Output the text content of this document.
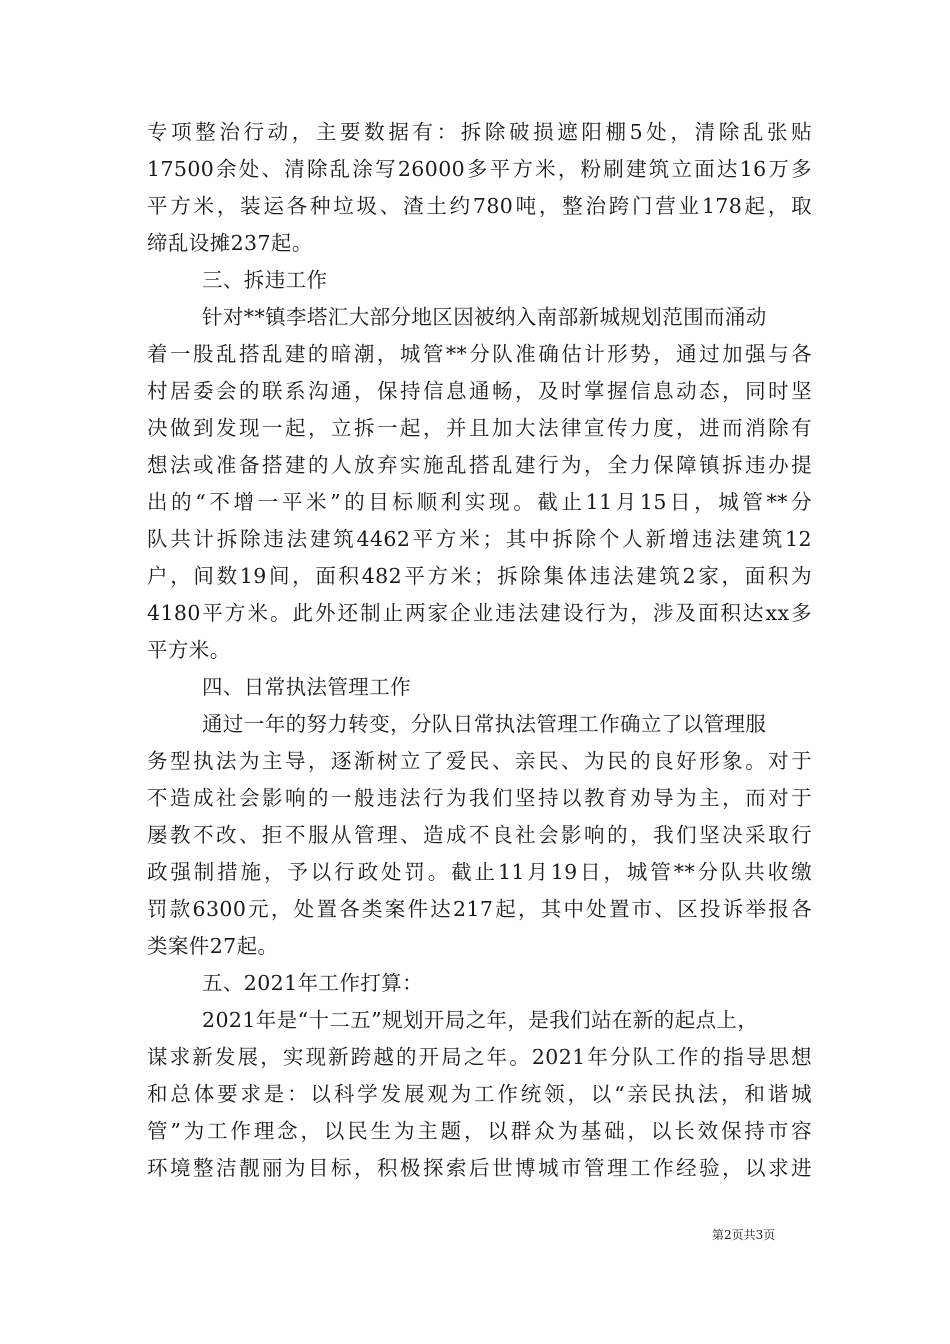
专项整治行动，主要数据有：拆除破损遮阳棚5处，清除乱张贴
17500余处、清除乱涂写26000多平方米，粉刷建筑立面达16万多
平方米，装运各种垃圾、渣土约780吨，整治跨门营业178起，取
缔乱设摊237起。
三、拆违工作
针对**镇李塔汇大部分地区因被纳入南部新城规划范围而涌动
着一股乱搭乱建的暗潮，城管**分队准确估计形势，通过加强与各
村居委会的联系沟通，保持信息通畅，及时掌握信息动态，同时坚
决做到发现一起，立拆一起，并且加大法律宣传力度，进而消除有
想法或准备搭建的人放弃实施乱搭乱建行为，全力保障镇拆违办提
出的“不增一平米”的目标顺利实现。截止11月15日，城管**分
队共计拆除违法建筑4462平方米；其中拆除个人新增违法建筑12
户，间数19间，面积482平方米；拆除集体违法建筑2家，面积为
4180平方米。此外还制止两家企业违法建设行为，涉及面积达xx多
平方米。
四、日常执法管理工作
通过一年的努力转变，分队日常执法管理工作确立了以管理服
务型执法为主导，逐渐树立了爱民、亲民、为民的良好形象。对于
不造成社会影响的一般违法行为我们坚持以教育劝导为主，而对于
屡教不改、拒不服从管理、造成不良社会影响的，我们坚决采取行
政强制措施，予以行政处罚。截止11月19日，城管**分队共收缴
罚款6300元，处置各类案件达217起，其中处置市、区投诉举报各
类案件27起。
五、2021年工作打算：
2021年是“十二五”规划开局之年，是我们站在新的起点上，
谋求新发展，实现新跨越的开局之年。2021年分队工作的指导思想
和总体要求是：以科学发展观为工作统领，以“亲民执法，和谐城
管”为工作理念，以民生为主题，以群众为基础，以长效保持市容
环境整洁靓丽为目标，积极探索后世博城市管理工作经验，以求进
第2页共3页
